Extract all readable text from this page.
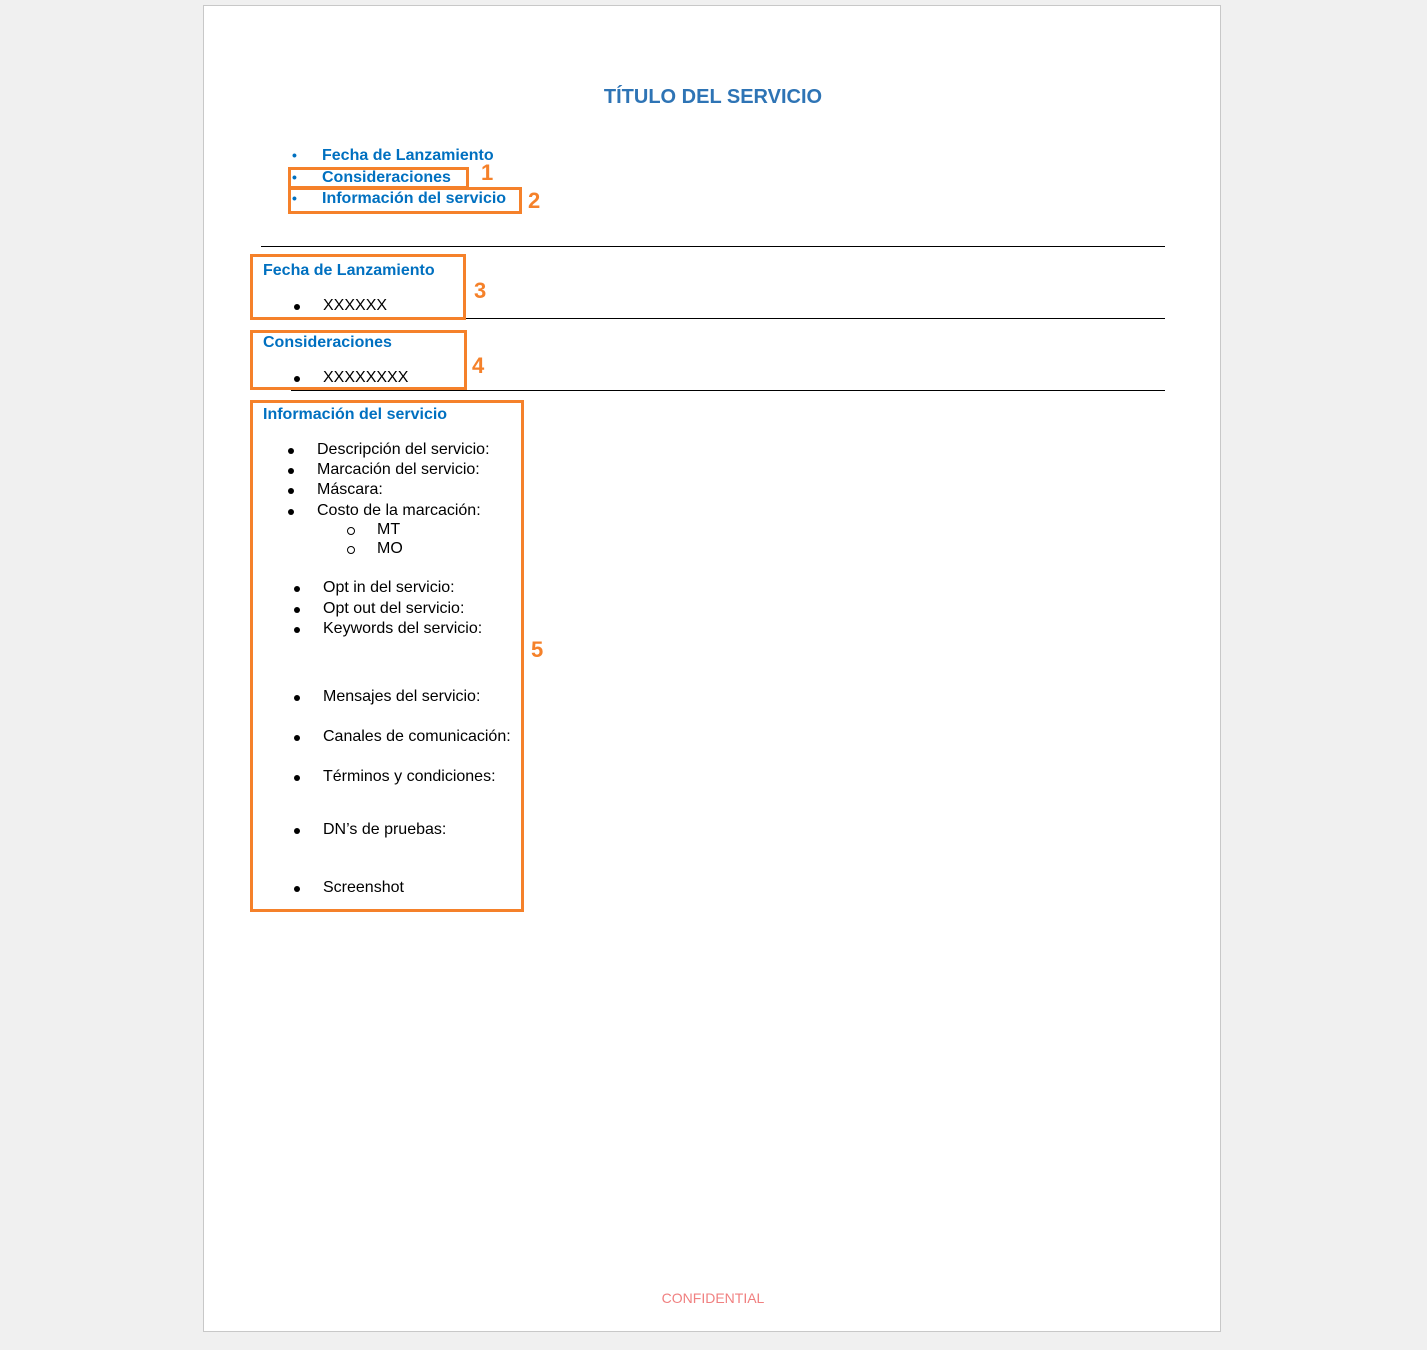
TÍTULO DEL SERVICIO
• Fecha de Lanzamiento
• Consideraciones
• Información del servicio
Fecha de Lanzamiento
XXXXXX
Consideraciones
XXXXXXXX
Información del servicio
Descripción del servicio:
Marcación del servicio:
Máscara:
Costo de la marcación:
MT
MO
Opt in del servicio:
Opt out del servicio:
Keywords del servicio:
Mensajes del servicio:
Canales de comunicación:
Términos y condiciones:
DN’s de pruebas:
Screenshot
1
2
3
4
5
CONFIDENTIAL
